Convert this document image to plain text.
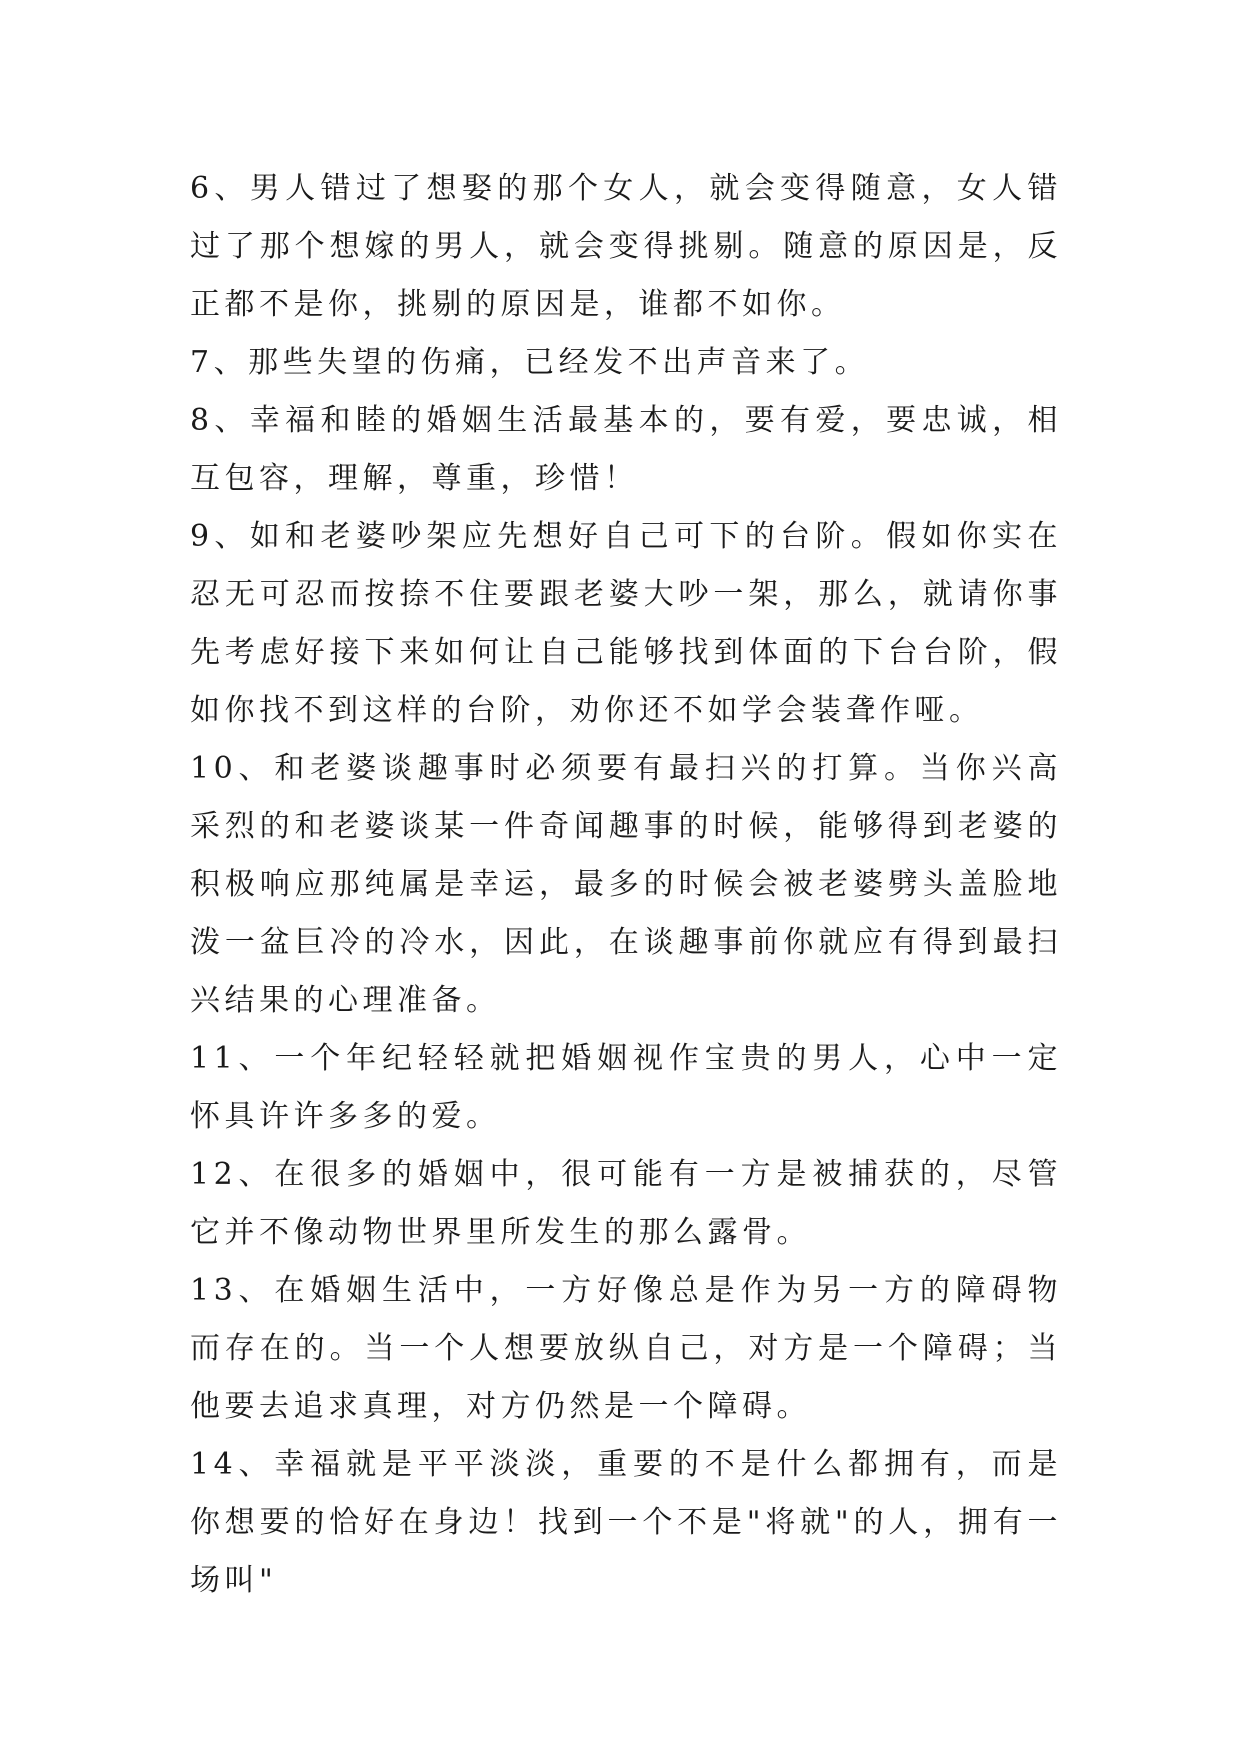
6、男人错过了想娶的那个女人，就会变得随意，女人错过了那个想嫁的男人，就会变得挑剔。随意的原因是，反正都不是你，挑剔的原因是，谁都不如你。

7、那些失望的伤痛，已经发不出声音来了。

8、幸福和睦的婚姻生活最基本的，要有爱，要忠诚，相互包容，理解，尊重，珍惜！

9、如和老婆吵架应先想好自己可下的台阶。假如你实在忍无可忍而按捺不住要跟老婆大吵一架，那么，就请你事先考虑好接下来如何让自己能够找到体面的下台台阶，假如你找不到这样的台阶，劝你还不如学会装聋作哑。

10、和老婆谈趣事时必须要有最扫兴的打算。当你兴高采烈的和老婆谈某一件奇闻趣事的时候，能够得到老婆的积极响应那纯属是幸运，最多的时候会被老婆劈头盖脸地泼一盆巨冷的冷水，因此，在谈趣事前你就应有得到最扫兴结果的心理准备。

11、一个年纪轻轻就把婚姻视作宝贵的男人，心中一定怀具许许多多的爱。

12、在很多的婚姻中，很可能有一方是被捕获的，尽管它并不像动物世界里所发生的那么露骨。

13、在婚姻生活中，一方好像总是作为另一方的障碍物而存在的。当一个人想要放纵自己，对方是一个障碍；当他要去追求真理，对方仍然是一个障碍。

14、幸福就是平平淡淡，重要的不是什么都拥有，而是你想要的恰好在身边！找到一个不是"将就"的人，拥有一场叫"
